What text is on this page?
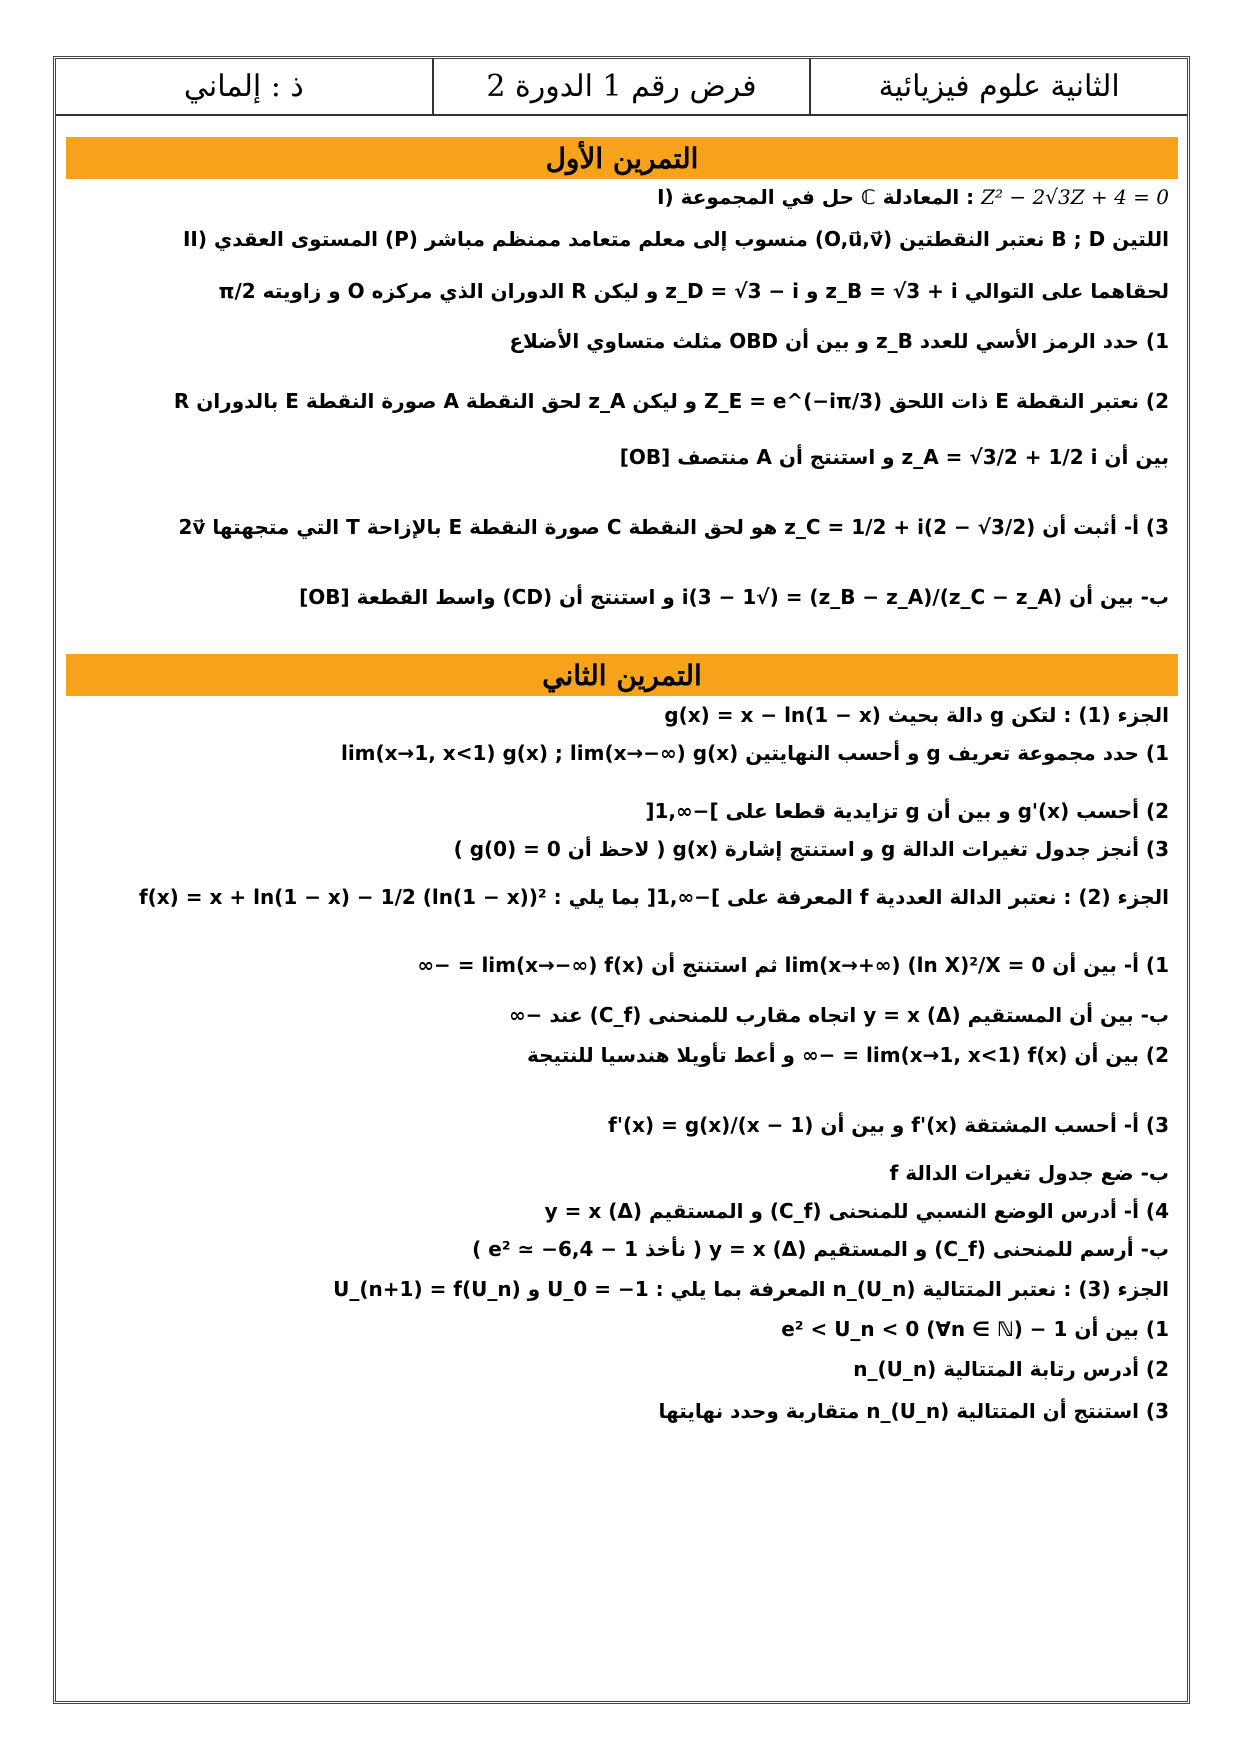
ذ : إلماني	فرض رقم 1 الدورة 2	الثانية علوم فيزيائية
التمرين الأول
I) حل في المجموعة ℂ المعادلة : Z² − 2√3Z + 4 = 0
II) المستوى العقدي (P) منسوب إلى معلم متعامد ممنظم مباشر (O,u⃗,v⃗) نعتبر النقطتين B ; D اللتين
لحقاهما على التوالي z_B = √3 + i و z_D = √3 − i و ليكن R الدوران الذي مركزه O و زاويته π/2
1) حدد الرمز الأسي للعدد z_B و بين أن OBD مثلث متساوي الأضلاع
2) نعتبر النقطة E ذات اللحق Z_E = e^(−iπ/3) و ليكن z_A لحق النقطة A صورة النقطة E بالدوران R
بين أن z_A = √3/2 + 1/2 i و استنتج أن A منتصف [OB]
3) أ- أثبت أن z_C = 1/2 + i(2 − √3/2) هو لحق النقطة C صورة النقطة E بالإزاحة T التي متجهتها 2v⃗
ب- بين أن (z_C − z_A)/(z_B − z_A) = (√3 − 1)i و استنتج أن (CD) واسط القطعة [OB]
التمرين الثاني
الجزء (1) : لتكن g دالة بحيث g(x) = x − ln(1 − x)
1) حدد مجموعة تعريف g و أحسب النهايتين lim(x→1, x<1) g(x) ; lim(x→−∞) g(x)
2) أحسب g'(x) و بين أن g تزايدية قطعا على ]−∞,1[
3) أنجز جدول تغيرات الدالة g و استنتج إشارة g(x) ( لاحظ أن g(0) = 0 )
الجزء (2) : نعتبر الدالة العددية f المعرفة على ]−∞,1[ بما يلي : f(x) = x + ln(1 − x) − 1/2 (ln(1 − x))²
1) أ- بين أن lim(x→+∞) (ln X)²/X = 0 ثم استنتج أن lim(x→−∞) f(x) = −∞
ب- بين أن المستقيم (Δ) y = x اتجاه مقارب للمنحنى (C_f) عند −∞
2) بين أن lim(x→1, x<1) f(x) = −∞ و أعط تأويلا هندسيا للنتيجة
3) أ- أحسب المشتقة f'(x) و بين أن f'(x) = g(x)/(x − 1)
ب- ضع جدول تغيرات الدالة f
4) أ- أدرس الوضع النسبي للمنحنى (C_f) و المستقيم (Δ) y = x
ب- أرسم للمنحنى (C_f) و المستقيم (Δ) y = x ( نأخذ 1 − e² ≃ −6,4 )
الجزء (3) : نعتبر المتتالية (U_n)_n المعرفة بما يلي : U_0 = −1 و U_(n+1) = f(U_n)
1) بين أن 1 − e² < U_n < 0 (∀n ∈ ℕ)
2) أدرس رتابة المتتالية (U_n)_n
3) استنتج أن المتتالية (U_n)_n متقاربة وحدد نهايتها
